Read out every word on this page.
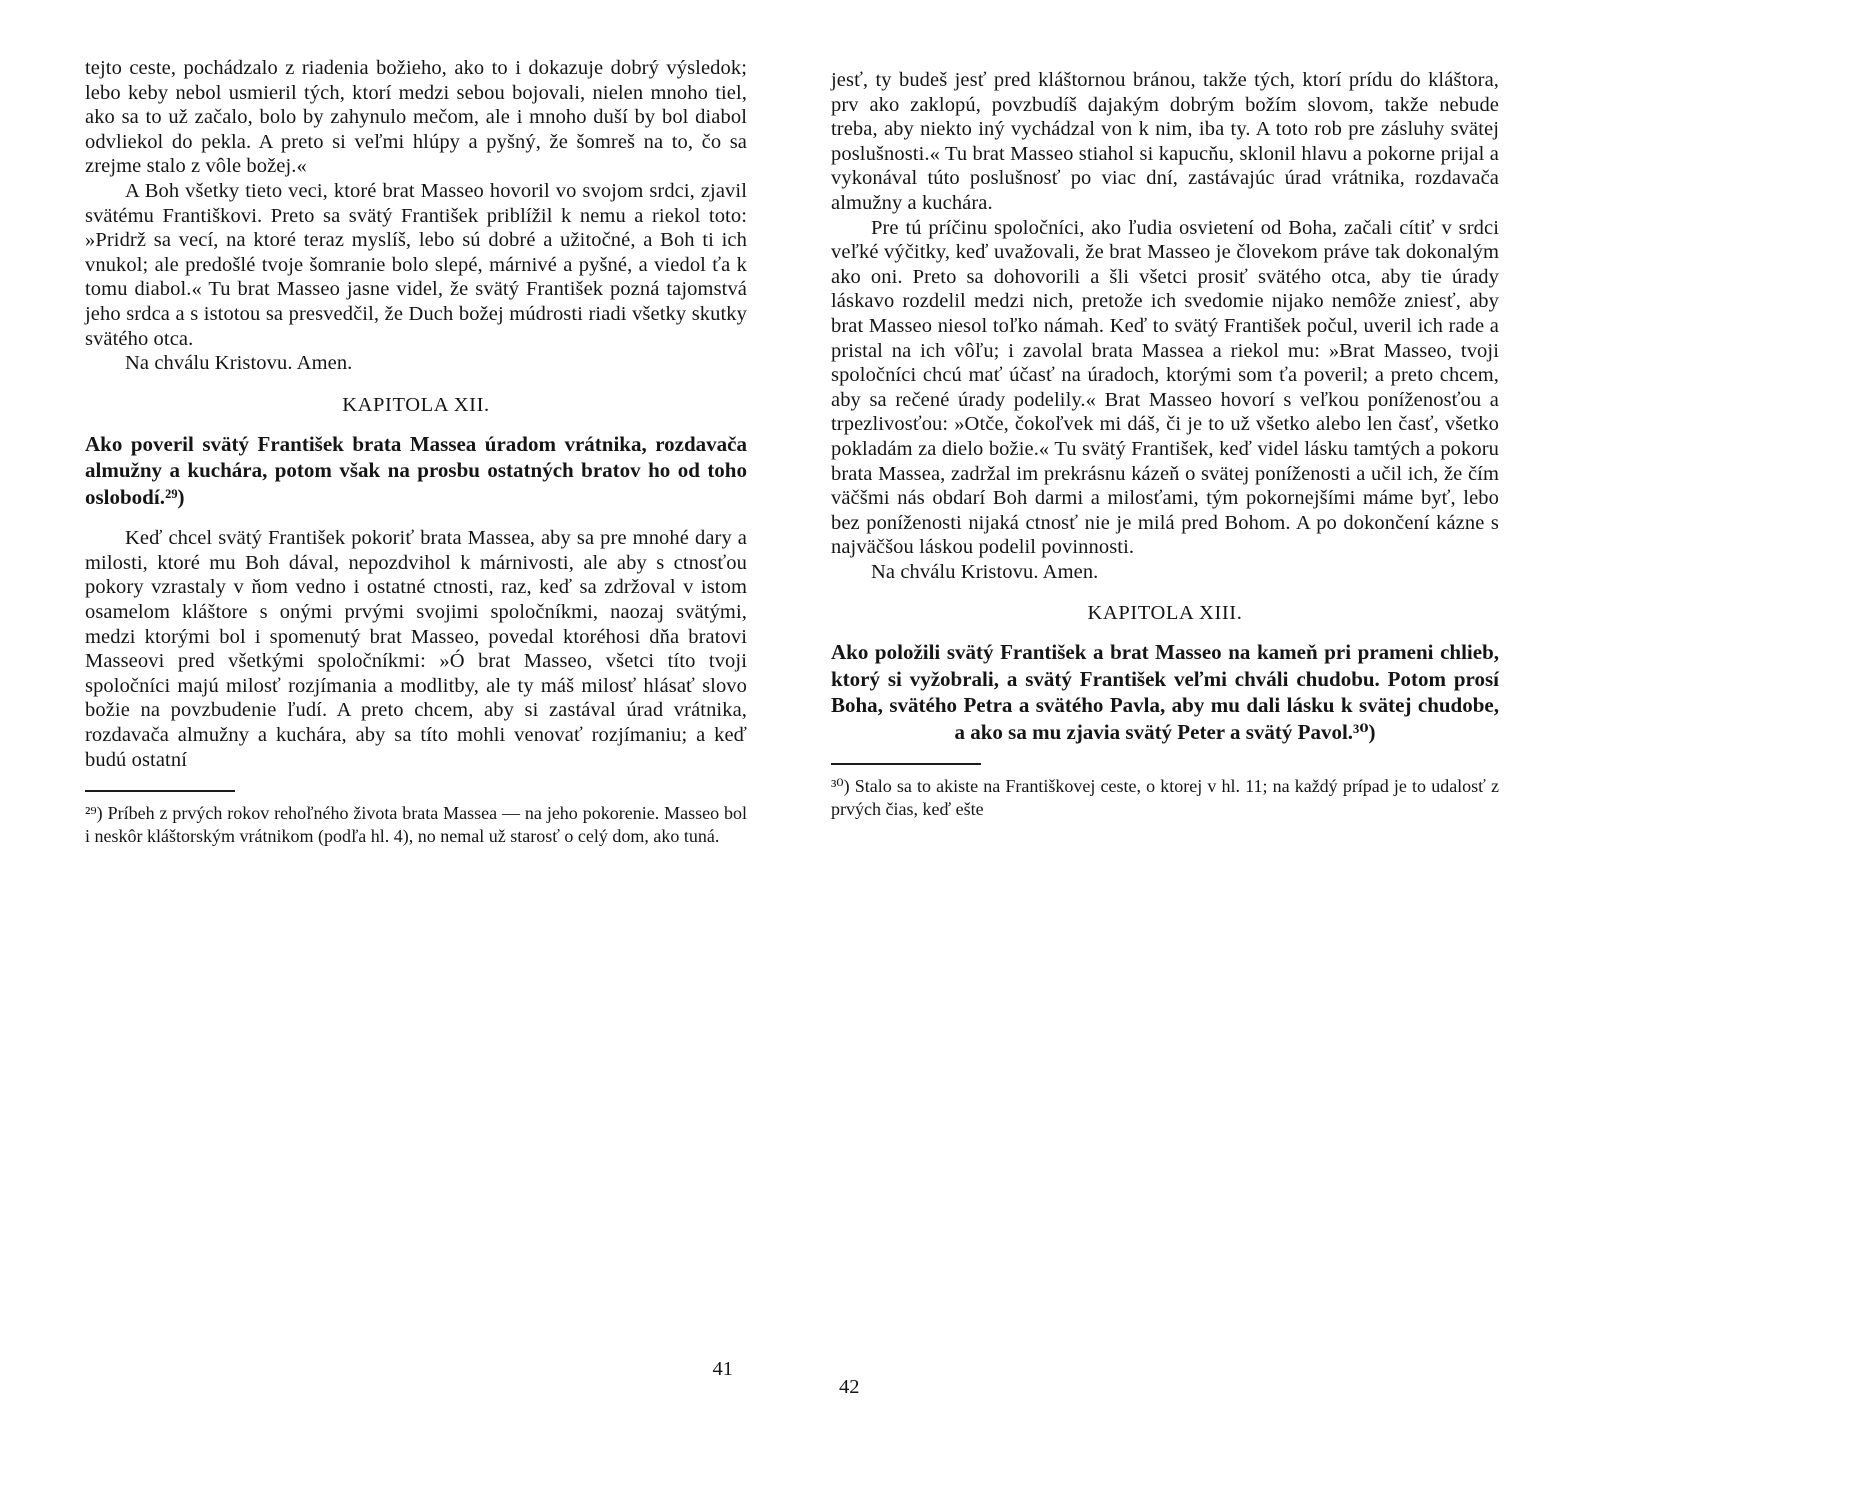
tejto ceste, pochádzalo z riadenia božieho, ako to i dokazuje dobrý výsledok; lebo keby nebol usmieril tých, ktorí medzi sebou bojovali, nielen mnoho tiel, ako sa to už začalo, bolo by zahynulo mečom, ale i mnoho duší by bol diabol odvliekol do pekla. A preto si veľmi hlúpy a pyšný, že šomreš na to, čo sa zrejme stalo z vôle božej.«

A Boh všetky tieto veci, ktoré brat Masseo hovoril vo svojom srdci, zjavil svätému Františkovi. Preto sa svätý František priblížil k nemu a riekol toto: »Pridrž sa vecí, na ktoré teraz myslíš, lebo sú dobré a užitočné, a Boh ti ich vnukol; ale predošlé tvoje šomranie bolo slepé, márnivé a pyšné, a viedol ťa k tomu diabol.« Tu brat Masseo jasne videl, že svätý František pozná tajomstvá jeho srdca a s istotou sa presvedčil, že Duch božej múdrosti riadi všetky skutky svätého otca.

Na chválu Kristovu. Amen.

KAPITOLA XII.

Ako poveril svätý František brata Massea úradom vrátnika, rozdavača almužny a kuchára, potom však na prosbu ostatných bratov ho od toho oslobodí.²⁹)

Keď chcel svätý František pokoriť brata Massea, aby sa pre mnohé dary a milosti, ktoré mu Boh dával, nepozdvihol k márnivosti, ale aby s ctnosťou pokory vzrastaly v ňom vedno i ostatné ctnosti, raz, keď sa zdržoval v istom osamelom kláštore s onými prvými svojimi spoločníkmi, naozaj svätými, medzi ktorými bol i spomenutý brat Masseo, povedal ktoréhosi dňa bratovi Masseovi pred všetkými spoločníkmi: »Ó brat Masseo, všetci títo tvoji spoločníci majú milosť rozjímania a modlitby, ale ty máš milosť hlásať slovo božie na povzbudenie ľudí. A preto chcem, aby si zastával úrad vrátnika, rozdavača almužny a kuchára, aby sa títo mohli venovať rozjímaniu; a keď budú ostatní

²⁹) Príbeh z prvých rokov rehoľného života brata Massea — na jeho pokorenie. Masseo bol i neskôr kláštorským vrátnikom (podľa hl. 4), no nemal už starosť o celý dom, ako tuná.

41

jesť, ty budeš jesť pred kláštornou bránou, takže tých, ktorí prídu do kláštora, prv ako zaklopú, povzbudíš dajakým dobrým božím slovom, takže nebude treba, aby niekto iný vychádzal von k nim, iba ty. A toto rob pre zásluhy svätej poslušnosti.« Tu brat Masseo stiahol si kapucňu, sklonil hlavu a pokorne prijal a vykonával túto poslušnosť po viac dní, zastávajúc úrad vrátnika, rozdavača almužny a kuchára.

Pre tú príčinu spoločníci, ako ľudia osvietení od Boha, začali cítiť v srdci veľké výčitky, keď uvažovali, že brat Masseo je človekom práve tak dokonalým ako oni. Preto sa dohovorili a šli všetci prosiť svätého otca, aby tie úrady láskavo rozdelil medzi nich, pretože ich svedomie nijako nemôže zniesť, aby brat Masseo niesol toľko námah. Keď to svätý František počul, uveril ich rade a pristal na ich vôľu; i zavolal brata Massea a riekol mu: »Brat Masseo, tvoji spoločníci chcú mať účasť na úradoch, ktorými som ťa poveril; a preto chcem, aby sa rečené úrady podelily.« Brat Masseo hovorí s veľkou poníženosťou a trpezlivosťou: »Otče, čokoľvek mi dáš, či je to už všetko alebo len časť, všetko pokladám za dielo božie.« Tu svätý František, keď videl lásku tamtých a pokoru brata Massea, zadržal im prekrásnu kázeň o svätej poníženosti a učil ich, že čím väčšmi nás obdarí Boh darmi a milosťami, tým pokornejšími máme byť, lebo bez poníženosti nijaká ctnosť nie je milá pred Bohom. A po dokončení kázne s najväčšou láskou podelil povinnosti.

Na chválu Kristovu. Amen.

KAPITOLA XIII.

Ako položili svätý František a brat Masseo na kameň pri prameni chlieb, ktorý si vyžobrali, a svätý František veľmi chváli chudobu. Potom prosí Boha, svätého Petra a svätého Pavla, aby mu dali lásku k svätej chudobe, a ako sa mu zjavia svätý Peter a svätý Pavol.³⁰)

³⁰) Stalo sa to akiste na Františkovej ceste, o ktorej v hl. 11; na každý prípad je to udalosť z prvých čias, keď ešte

42
